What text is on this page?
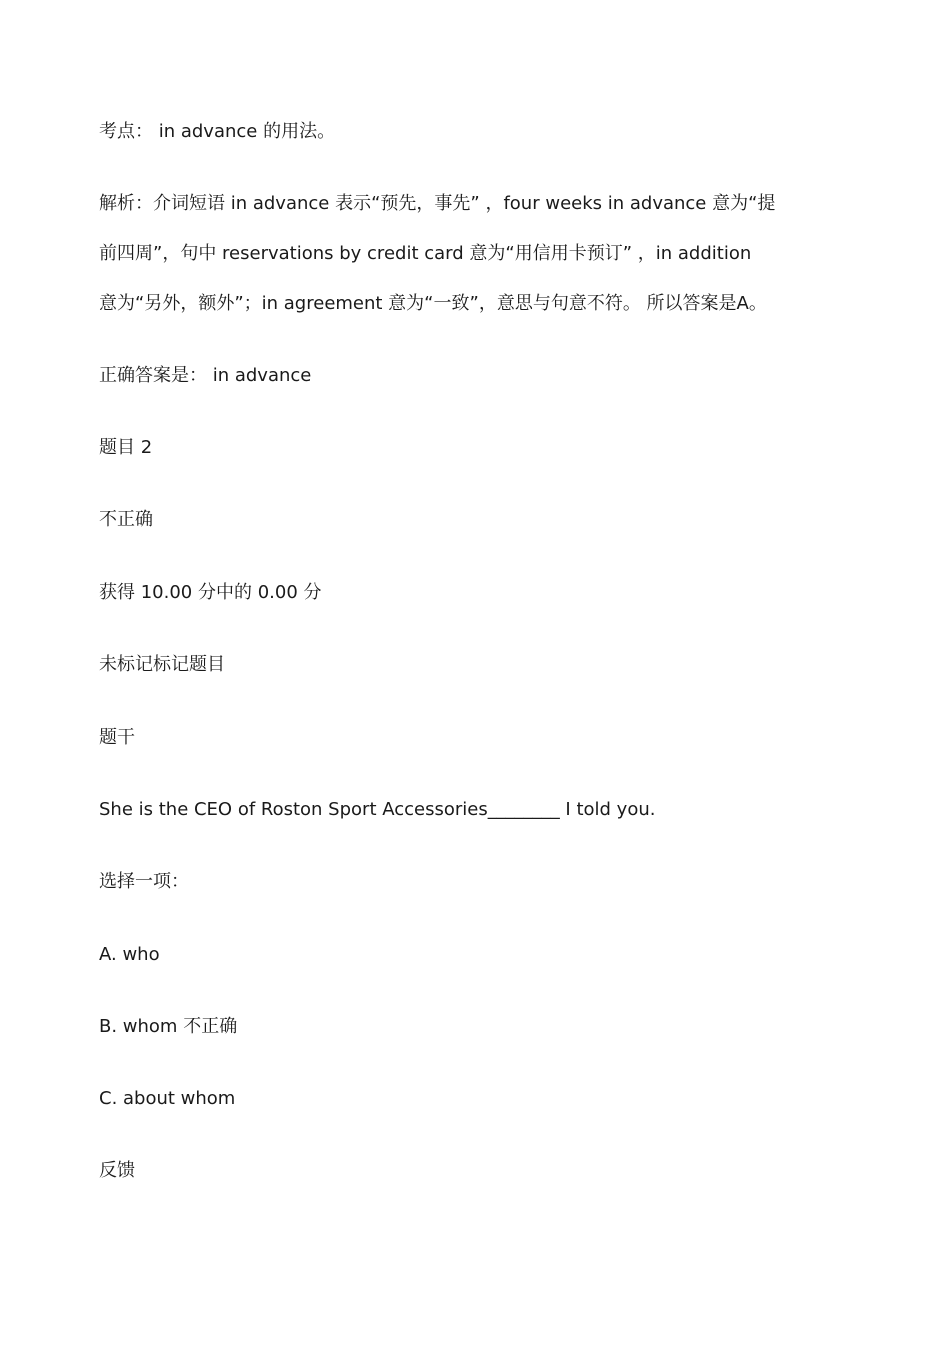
考点： in advance 的用法。
解析：介词短语 in advance 表示“预先，事先” ，four weeks in advance 意为“提
前四周”，句中 reservations by credit card 意为“用信用卡预订” ，in addition
意为“另外，额外”；in agreement 意为“一致”，意思与句意不符。 所以答案是A。
正确答案是： in advance
题目 2
不正确
获得 10.00 分中的 0.00 分
未标记标记题目
题干
She is the CEO of Roston Sport Accessories________ I told you.
选择一项：
A. who
B. whom 不正确
C. about whom
反馈
